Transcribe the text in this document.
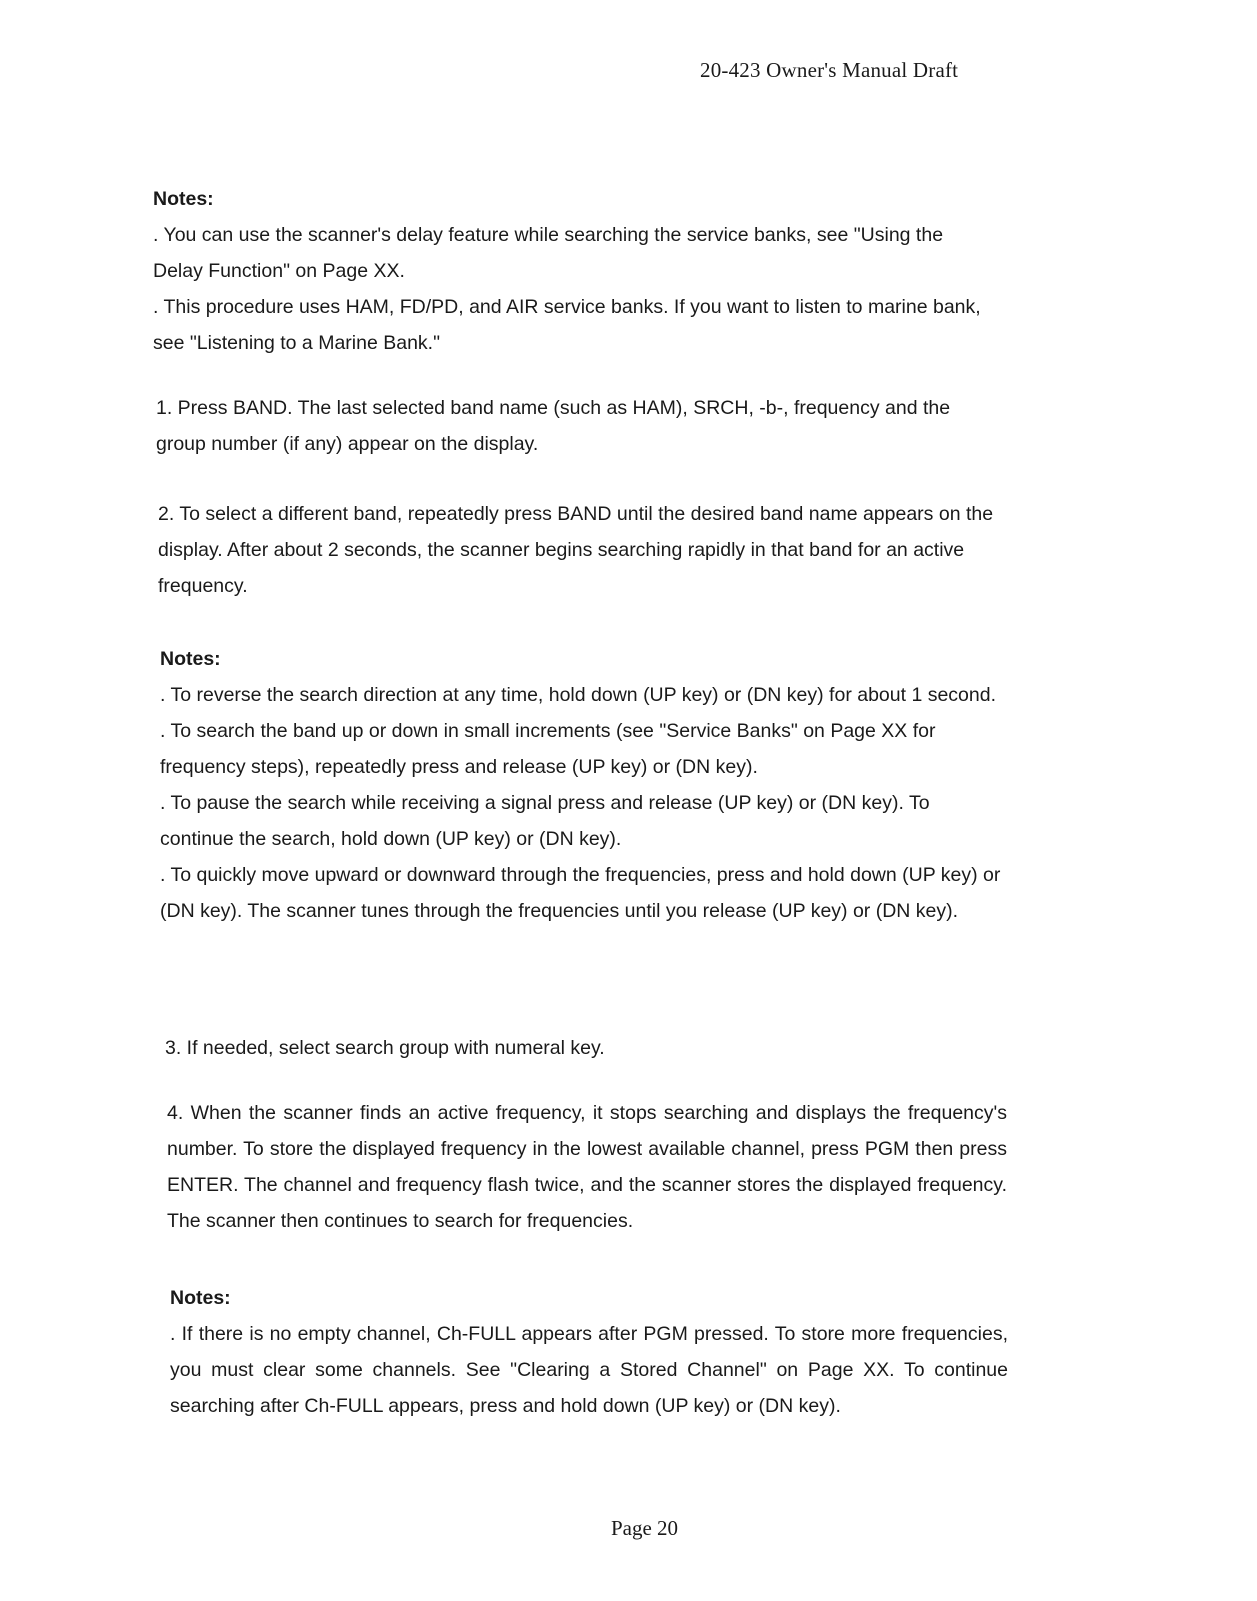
20-423 Owner's Manual Draft
Notes:

. You can use the scanner's delay feature while searching the service banks, see "Using the Delay Function" on Page XX.

. This procedure uses HAM, FD/PD, and AIR service banks. If you want to listen to marine bank, see "Listening to a Marine Bank."

1. Press BAND. The last selected band name (such as HAM), SRCH, -b-, frequency and the group number (if any) appear on the display.

2. To select a different band, repeatedly press BAND until the desired band name appears on the display. After about 2 seconds, the scanner begins searching rapidly in that band for an active frequency.

Notes:

. To reverse the search direction at any time, hold down (UP key) or (DN key) for about 1 second.

. To search the band up or down in small increments (see "Service Banks" on Page XX for frequency steps), repeatedly press and release (UP key) or (DN key).

. To pause the search while receiving a signal press and release (UP key) or (DN key). To continue the search, hold down (UP key) or (DN key).

. To quickly move upward or downward through the frequencies, press and hold down (UP key) or (DN key). The scanner tunes through the frequencies until you release (UP key) or (DN key).

3. If needed, select search group with numeral key.

4. When the scanner finds an active frequency, it stops searching and displays the frequency's number. To store the displayed frequency in the lowest available channel, press PGM then press ENTER. The channel and frequency flash twice, and the scanner stores the displayed frequency. The scanner then continues to search for frequencies.

Notes:

. If there is no empty channel, Ch-FULL appears after PGM pressed. To store more frequencies, you must clear some channels. See "Clearing a Stored Channel" on Page XX. To continue searching after Ch-FULL appears, press and hold down (UP key) or (DN key).

Page 20
